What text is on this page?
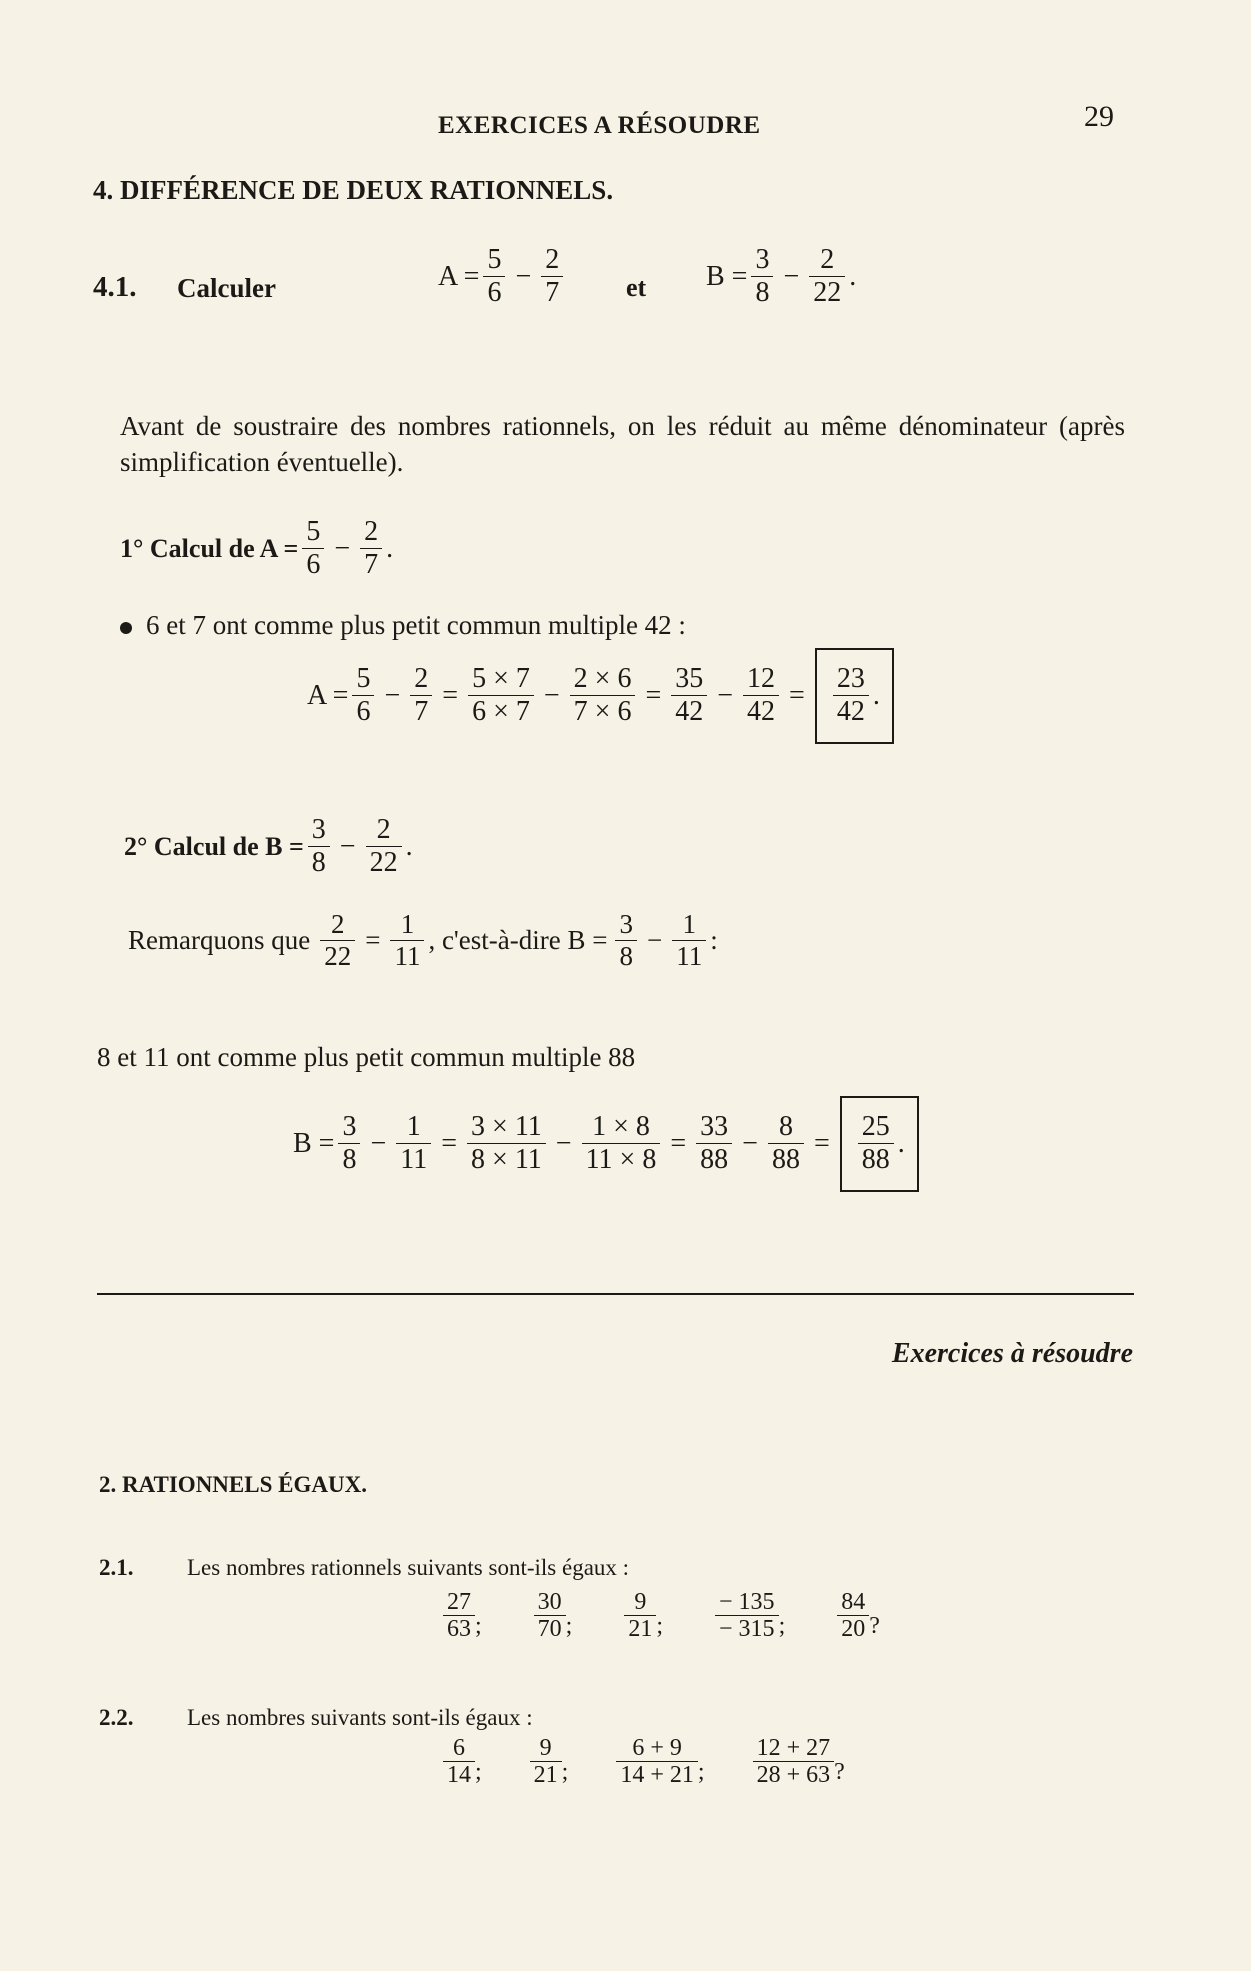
EXERCICES A RÉSOUDRE	29
4. DIFFÉRENCE DE DEUX RATIONNELS.
4.1. Calculer	$A = \frac{5}{6} - \frac{2}{7}$ et $B = \frac{3}{8} - \frac{2}{22}$ .
Avant de soustraire des nombres rationnels, on les réduit au même dénominateur (après simplification éventuelle).
1° Calcul de $A = \frac{5}{6} - \frac{2}{7}$ .
6 et 7 ont comme plus petit commun multiple 42 :
$A = \frac{5}{6} - \frac{2}{7} = \frac{5 \times 7}{6 \times 7} - \frac{2 \times 6}{7 \times 6} = \frac{35}{42} - \frac{12}{42} = \frac{23}{42}$ .
2° Calcul de $B = \frac{3}{8} - \frac{2}{22}$ .
Remarquons que $\frac{2}{22} = \frac{1}{11}$ , c'est-à-dire $B = \frac{3}{8} - \frac{1}{11}$ :
8 et 11 ont comme plus petit commun multiple 88
$B = \frac{3}{8} - \frac{1}{11} = \frac{3 \times 11}{8 \times 11} - \frac{1 \times 8}{11 \times 8} = \frac{33}{88} - \frac{8}{88} = \frac{25}{88}$ .
Exercices à résoudre
2. RATIONNELS ÉGAUX.
2.1. Les nombres rationnels suivants sont-ils égaux :
$\frac{27}{63}$ ; $\frac{30}{70}$ ; $\frac{9}{21}$ ; $\frac{- 135}{- 315}$ ; $\frac{84}{20}$ ?
2.2. Les nombres suivants sont-ils égaux :
$\frac{6}{14}$ ; $\frac{9}{21}$ ; $\frac{6 + 9}{14 + 21}$ ; $\frac{12 + 27}{28 + 63}$ ?
